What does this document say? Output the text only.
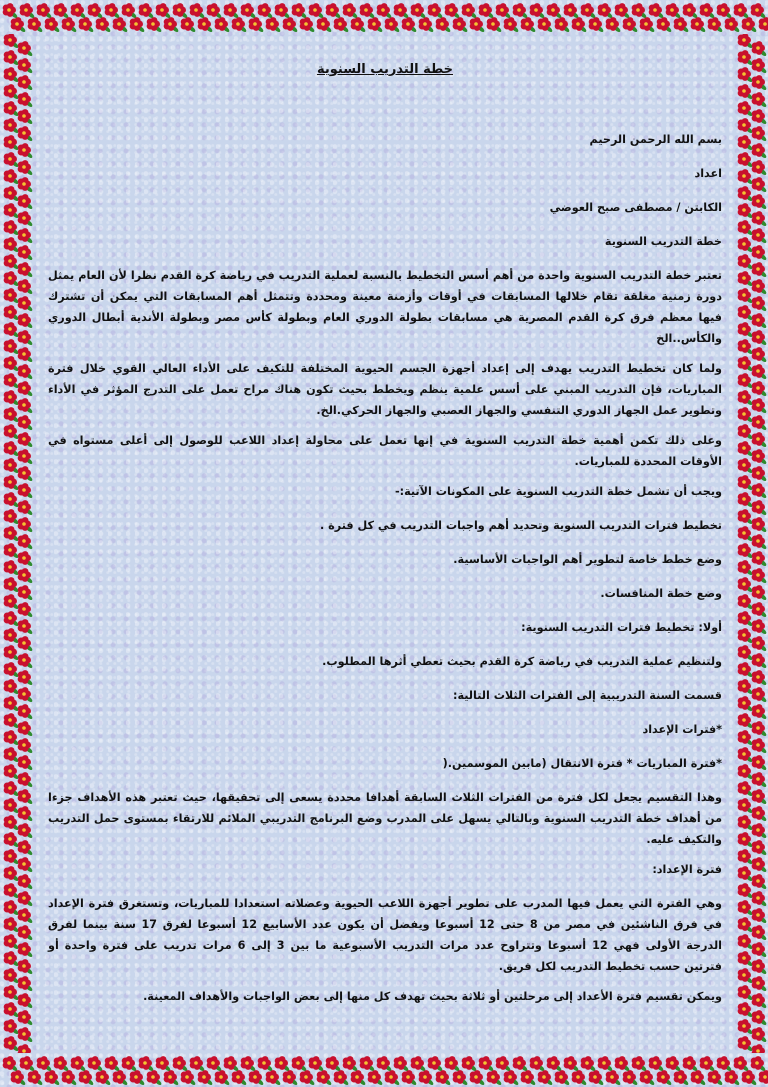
خطة التدريب السنوية

بسم الله الرحمن الرحيم

اعداد

الكابتن / مصطفى صبح العوضي

خطة التدريب السنوية

تعتبر خطة التدريب السنوية واحدة من أهم أسس التخطيط بالنسبة لعملية التدريب في رياضة كرة القدم نظرا لأن العام يمثل دورة زمنية مغلقة تقام خلالها المسابقات في أوقات وأزمنة معينة ومحددة وتتمثل أهم المسابقات التي يمكن أن تشترك فيها معظم فرق كرة القدم المصرية هي مسابقات بطولة الدوري العام وبطولة كأس مصر وبطولة الأندية أبطال الدوري والكأس..الخ

ولما كان تخطيط التدريب يهدف إلى إعداد أجهزة الجسم الحيوية المختلفة للتكيف على الأداء العالي القوي خلال فترة المباريات، فإن التدريب المبني على أسس علمية ينظم ويخطط بحيث تكون هناك مراح تعمل على التدرج المؤثر في الأداء وتطوير عمل الجهاز الدوري التنفسي والجهاز العصبي والجهاز الحركي.الخ.

وعلى ذلك تكمن أهمية خطة التدريب السنوية في إنها تعمل على محاولة إعداد اللاعب للوصول إلى أعلى مستواه في الأوقات المحددة للمباريات.

ويجب أن تشمل خطة التدريب السنوية على المكونات الآتية:-

تخطيط فترات التدريب السنوية وتحديد أهم واجبات التدريب في كل فترة .

وضع خطط خاصة لتطوير أهم الواجبات الأساسية.

وضع خطة المنافسات.

أولا: تخطيط فترات التدريب السنوية:

ولتنظيم عملية التدريب في رياضة كرة القدم بحيث تعطي أثرها المطلوب.

قسمت السنة التدريبية إلى الفترات الثلاث التالية:

*فترات الإعداد

*فترة المباريات * فترة الانتقال (مابين الموسمين.(

وهذا التقسيم يجعل لكل فترة من الفترات الثلاث السابقة أهدافا محددة يسعى إلى تحقيقها، حيث تعتبر هذه الأهداف جزءا من أهداف خطة التدريب السنوية وبالتالي يسهل على المدرب وضع البرنامج التدريبي الملائم للارتقاء بمستوى حمل التدريب والتكيف عليه.

فترة الإعداد:

وهي الفترة التي يعمل فيها المدرب على تطوير أجهزة اللاعب الحيوية وعضلاته استعدادا للمباريات، وتستغرق فترة الإعداد في فرق الناشئين في مصر من 8 حتى 12 أسبوعا ويفضل أن يكون عدد الأسابيع 12 أسبوعا لفرق 17 سنة بينما لفرق الدرجة الأولى فهي 12 أسبوعا وتتراوح عدد مرات التدريب الأسبوعية ما بين 3 إلى 6 مرات تدريب على فترة واحدة أو فترتين حسب تخطيط التدريب لكل فريق.

ويمكن تقسيم فترة الأعداد إلى مرحلتين أو ثلاثة بحيث تهدف كل منها إلى بعض الواجبات والأهداف المعينة.
